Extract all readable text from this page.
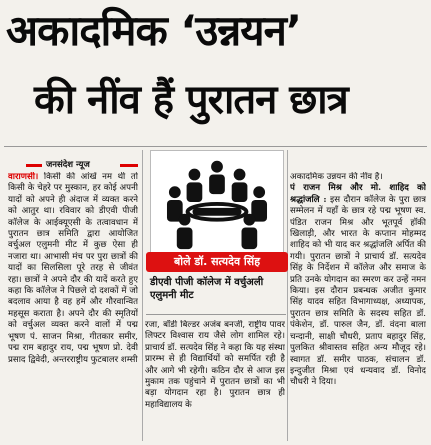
अकादमिक ‘उन्नयन’
की नींव हैं पुरातन छात्र
जनसंदेश न्यूज
वाराणसी। किसी की आंखें नम थी तो किसी के चेहरे पर मुस्कान, हर कोई अपनी यादों को अपने ही अंदाज में व्यक्त करने को आतुर था। रविवार को डीएवी पीजी कॉलेज के आईक्यूएसी के तत्वावधान में पुरातन छात्र समिति द्वारा आयोजित वर्चुअल एलुमनी मीट में कुछ ऐसा ही नजारा था। आभासी मंच पर पुरा छात्रों की यादों का सिलसिला पूरे तरह से जीवंत रहा। छात्रों ने अपने दौर की यादें करते हुए कहा कि कॉलेज ने पिछले दो दशकों में जो बदलाव आया है वह हमें और गौरवान्वित महसूस कराता है। अपने दौर की स्मृतियों को वर्चुअल व्यक्त करने वालों में पद्म भूषण पं. साजन मिश्रा, गीतकार समीर, पद्म राम बहादुर राय, पद्म भूषण प्रो. देवी प्रसाद द्विवेदी, अन्तरराष्ट्रीय फुटबालर शम्सी
बोले डॉ. सत्यदेव सिंह
डीएवी पीजी कॉलेज में वर्चुअली एलुमनी मीट
रजा, बॉडी बिल्डर अजंब बनर्जी, राष्ट्रीय पावर लिफ्टर विश्वास राय जैसे लोग शामिल रहे। प्राचार्य डॉ. सत्यदेव सिंह ने कहा कि यह संस्था प्रारम्भ से ही विद्यार्थियों को समर्पित रही है और आगे भी रहेगी। कठिन दौर से आज इस मुकाम तक पहुंचाने में पुरातन छात्रों का भी बड़ा योगदान रहा है। पुरातन छात्र ही महाविद्यालय के
अकादमिक उन्नयन की नींव है।
पं राजन मिश्र और मो. शाहिद को श्रद्धांजलि : इस दौरान कॉलेज के पुरा छात्र सम्मेलन में यहाँ के छात्र रहे पद्म भूषण स्व. पंडित राजन मिश्र और भूतपूर्व हॉकी खिलाड़ी, और भारत के कप्तान मोहम्मद शाहिद को भी याद कर श्रद्धांजलि अर्पित की गयी। पुरातन छात्रों ने प्राचार्य डॉ. सत्यदेव सिंह के निर्देशन में कॉलेज और समाज के प्रति उनके योगदान का स्मरण कर उन्हें नमन किया। इस दौरान प्रबन्धक अजीत कुमार सिंह यादव सहित विभागाध्यक्ष, अध्यापक, पुरातन छात्र समिति के सदस्य सहित डॉ. पंकेशेन, डॉ. पारुल जैन, डॉ. वंदना बाला चन्दानी, साक्षी चौधरी, प्रताप बहादुर सिंह, पुलकित श्रीवास्तव सहित अन्य मौजूद रहे। स्वागत डॉ. समीर पाठक, संचालन डॉ. इन्दुजीत मिश्रा एवं धन्यवाद डॉ. विनोद चौधरी ने दिया।
